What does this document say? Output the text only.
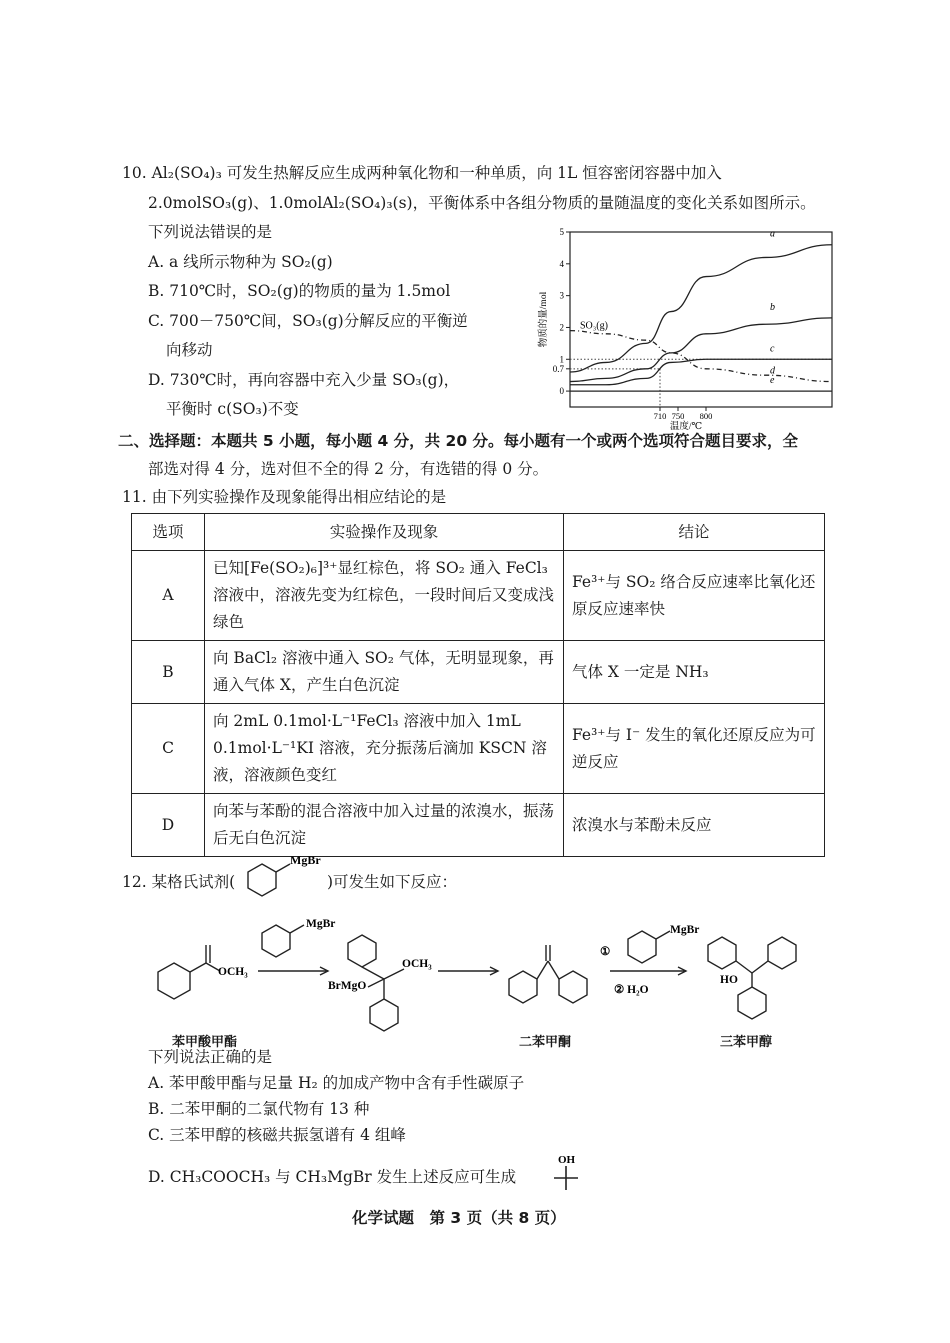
10. Al₂(SO₄)₃ 可发生热解反应生成两种氧化物和一种单质，向 1L 恒容密闭容器中加入
2.0molSO₃(g)、1.0molAl₂(SO₄)₃(s)，平衡体系中各组分物质的量随温度的变化关系如图所示。
下列说法错误的是
A. a 线所示物种为 SO₂(g)
B. 710℃时，SO₂(g)的物质的量为 1.5mol
C. 700－750℃间，SO₃(g)分解反应的平衡逆
向移动
D. 730℃时，再向容器中充入少量 SO₃(g)，
平衡时 c(SO₃)不变
5
4
3
2
1
0.7
0
710 750 800
温度/℃
物质的量/mol
a
b
c
d
e
SO₃(g)
二、选择题：本题共 5 小题，每小题 4 分，共 20 分。每小题有一个或两个选项符合题目要求，全
部选对得 4 分，选对但不全的得 2 分，有选错的得 0 分。
11. 由下列实验操作及现象能得出相应结论的是
选项	实验操作及现象	结论
A	已知[Fe(SO₂)₆]³⁺显红棕色，将 SO₂ 通入 FeCl₃ 溶液中，溶液先变为红棕色，一段时间后又变成浅绿色	Fe³⁺与 SO₂ 络合反应速率比氧化还原反应速率快
B	向 BaCl₂ 溶液中通入 SO₂ 气体，无明显现象，再通入气体 X，产生白色沉淀	气体 X 一定是 NH₃
C	向 2mL 0.1mol·L⁻¹FeCl₃ 溶液中加入 1mL 0.1mol·L⁻¹KI 溶液，充分振荡后滴加 KSCN 溶液，溶液颜色变红	Fe³⁺与 I⁻ 发生的氧化还原反应为可逆反应
D	向苯与苯酚的混合溶液中加入过量的浓溴水，振荡后无白色沉淀	浓溴水与苯酚未反应
12. 某格氏试剂(
MgBr
)可发生如下反应：
OCH₃
MgBr
OCH₃
BrMgO
①
MgBr
② H₂O
HO
苯甲酸甲酯	二苯甲酮	三苯甲醇
下列说法正确的是
A. 苯甲酸甲酯与足量 H₂ 的加成产物中含有手性碳原子
B. 二苯甲酮的二氯代物有 13 种
C. 三苯甲醇的核磁共振氢谱有 4 组峰
D. CH₃COOCH₃ 与 CH₃MgBr 发生上述反应可生成
OH
化学试题　第 3 页（共 8 页）
